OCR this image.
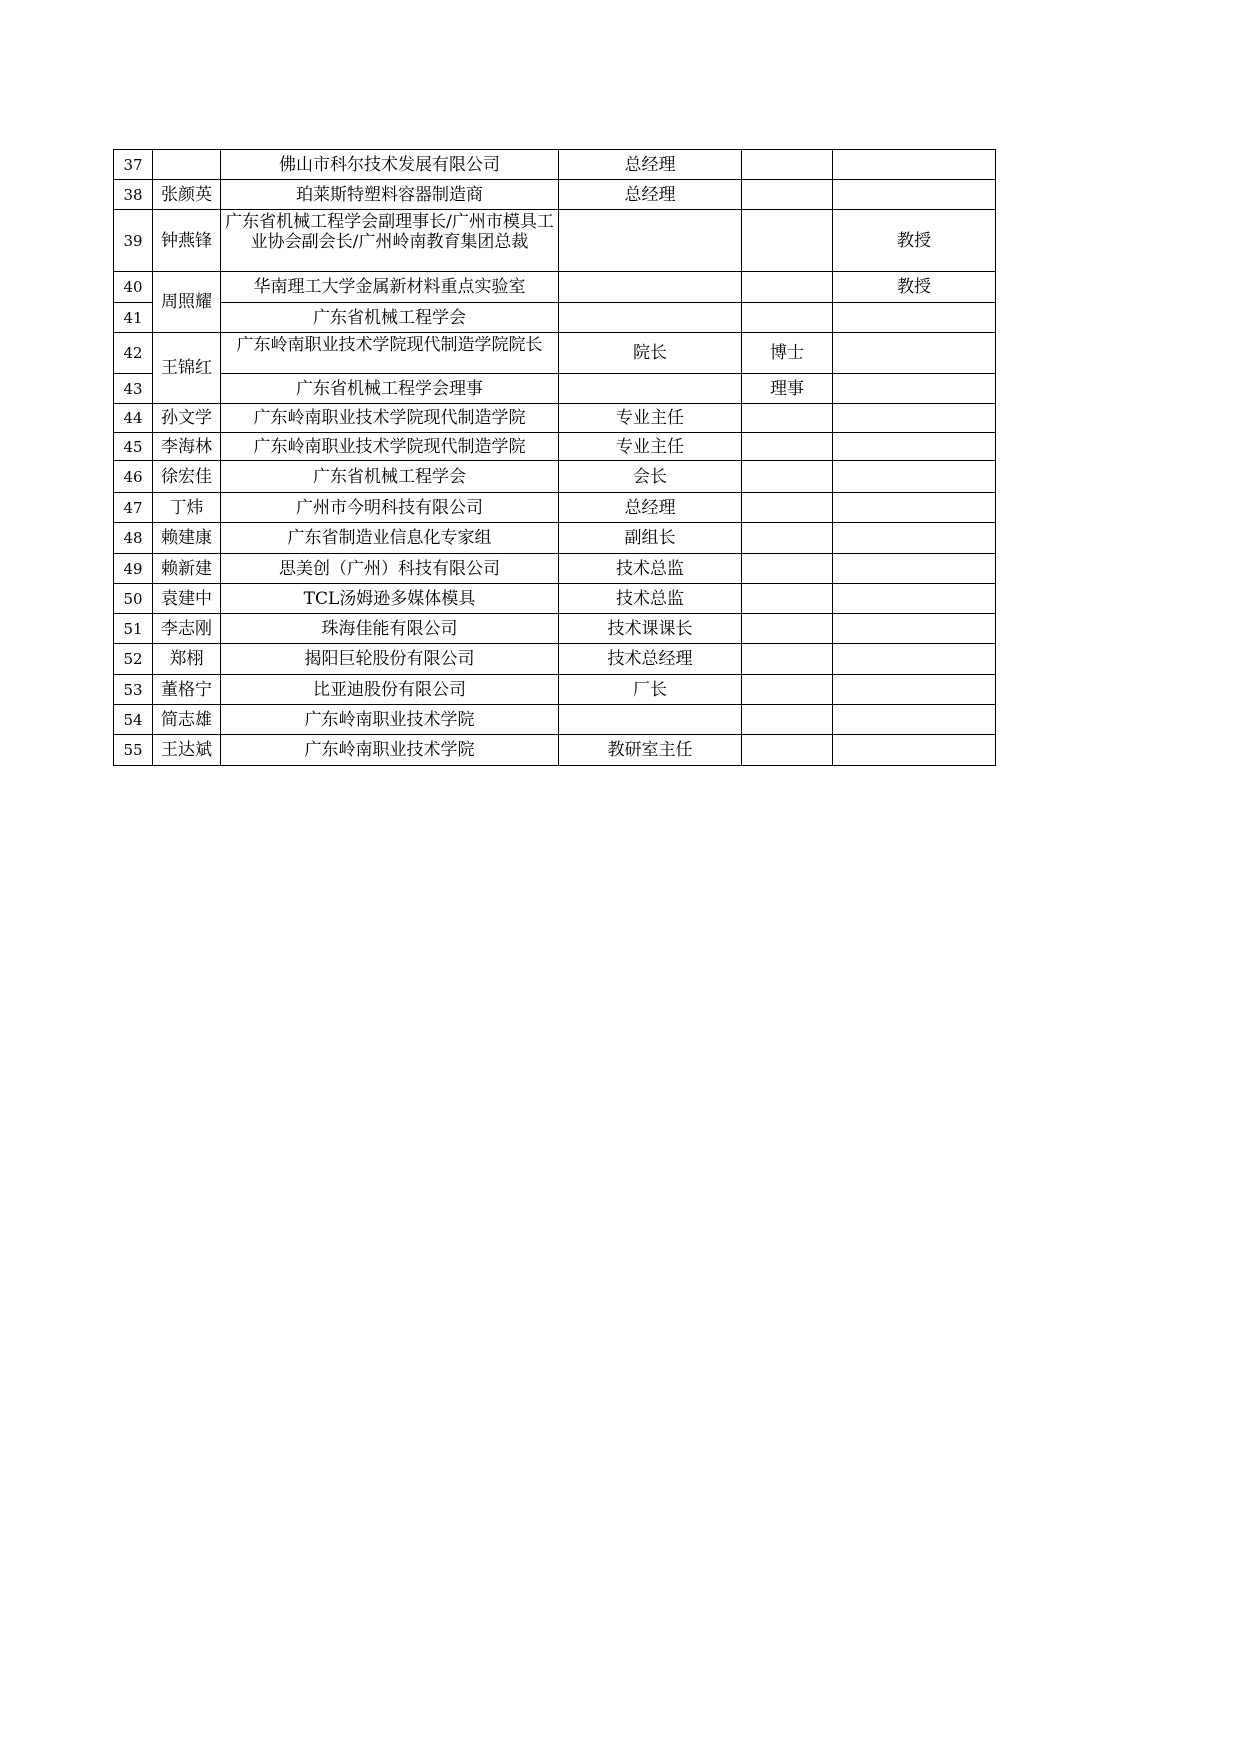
37		佛山市科尔技术发展有限公司	总经理		
38	张颜英	珀莱斯特塑料容器制造商	总经理		
39	钟燕锋	广东省机械工程学会副理事长/广州市模具工业协会副会长/广州岭南教育集团总裁			教授
40	周照耀	华南理工大学金属新材料重点实验室			教授
41		广东省机械工程学会			
42	王锦红	广东岭南职业技术学院现代制造学院院长	院长	博士	
43		广东省机械工程学会理事		理事	
44	孙文学	广东岭南职业技术学院现代制造学院	专业主任		
45	李海林	广东岭南职业技术学院现代制造学院	专业主任		
46	徐宏佳	广东省机械工程学会	会长		
47	丁炜	广州市今明科技有限公司	总经理		
48	赖建康	广东省制造业信息化专家组	副组长		
49	赖新建	思美创（广州）科技有限公司	技术总监		
50	袁建中	TCL汤姆逊多媒体模具	技术总监		
51	李志刚	珠海佳能有限公司	技术课课长		
52	郑栩	揭阳巨轮股份有限公司	技术总经理		
53	董格宁	比亚迪股份有限公司	厂长		
54	简志雄	广东岭南职业技术学院			
55	王达斌	广东岭南职业技术学院	教研室主任		
